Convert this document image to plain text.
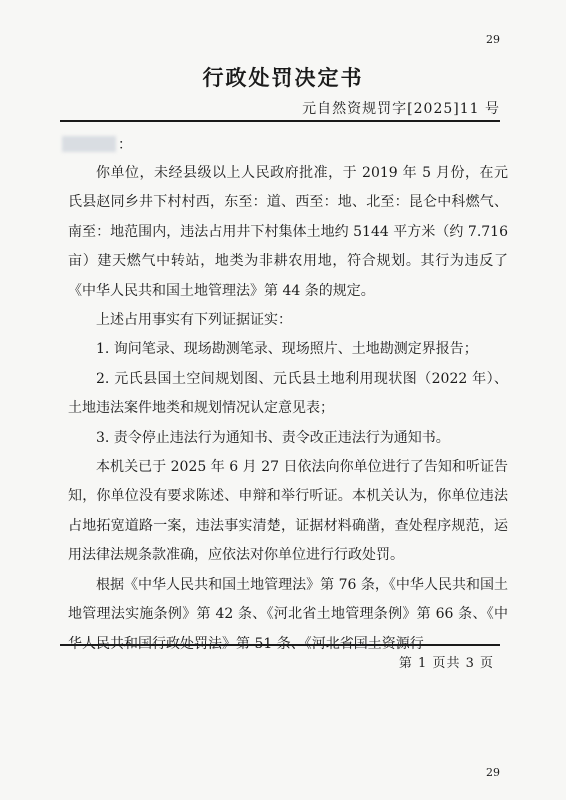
29
行政处罚决定书
元自然资规罚字[2025]11 号
：

你单位，未经县级以上人民政府批准，于 2019 年 5 月份，在元氏县赵同乡井下村村西，东至：道、西至：地、北至：昆仑中科燃气、南至：地范围内，违法占用井下村集体土地约 5144 平方米（约 7.716 亩）建天燃气中转站，地类为非耕农用地，符合规划。其行为违反了《中华人民共和国土地管理法》第 44 条的规定。

上述占用事实有下列证据证实：

1. 询问笔录、现场勘测笔录、现场照片、土地勘测定界报告；

2. 元氏县国土空间规划图、元氏县土地利用现状图（2022 年）、土地违法案件地类和规划情况认定意见表；

3. 责令停止违法行为通知书、责令改正违法行为通知书。

本机关已于 2025 年 6 月 27 日依法向你单位进行了告知和听证告知，你单位没有要求陈述、申辩和举行听证。本机关认为，你单位违法占地拓宽道路一案，违法事实清楚，证据材料确凿，查处程序规范，运用法律法规条款准确，应依法对你单位进行行政处罚。

根据《中华人民共和国土地管理法》第 76 条，《中华人民共和国土地管理法实施条例》第 42 条、《河北省土地管理条例》第 66 条、《中华人民共和国行政处罚法》第 51 条、《河北省国土资源行

第 1 页共 3 页
29
